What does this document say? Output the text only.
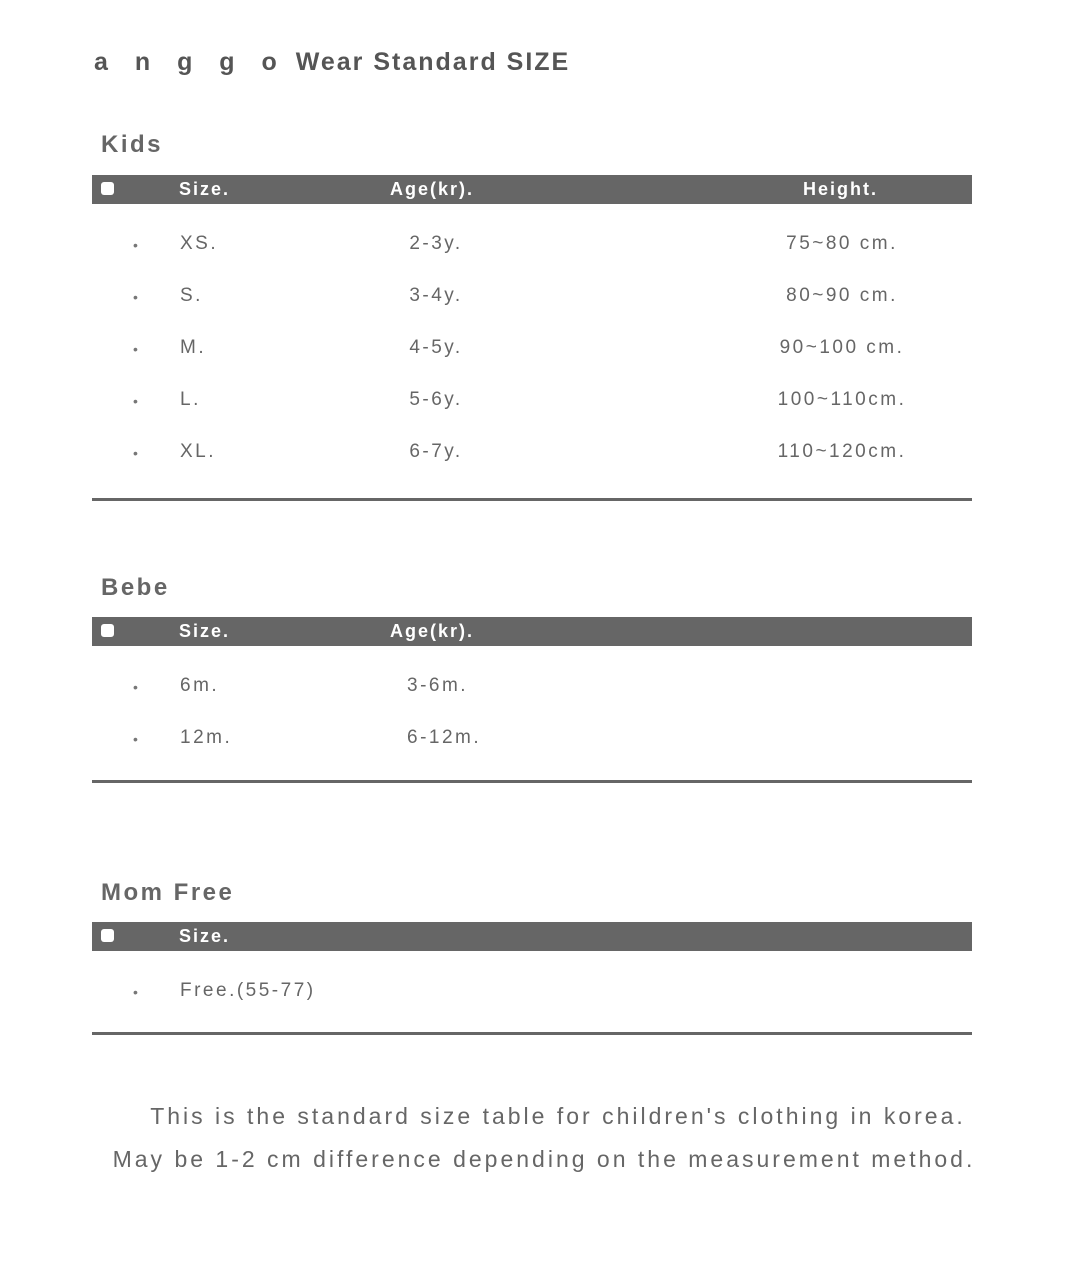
a n g g o Wear Standard SIZE
Kids
Size.	Age(kr).	Height.
• XS.	2-3y.	75~80 cm.
• S.	3-4y.	80~90 cm.
• M.	4-5y.	90~100 cm.
• L.	5-6y.	100~110cm.
• XL.	6-7y.	110~120cm.
Bebe
Size.	Age(kr).
• 6m.	3-6m.
• 12m.	6-12m.
Mom Free
Size.
• Free.(55-77)
This is the standard size table for children's clothing in korea.
May be 1-2 cm difference depending on the measurement method.
